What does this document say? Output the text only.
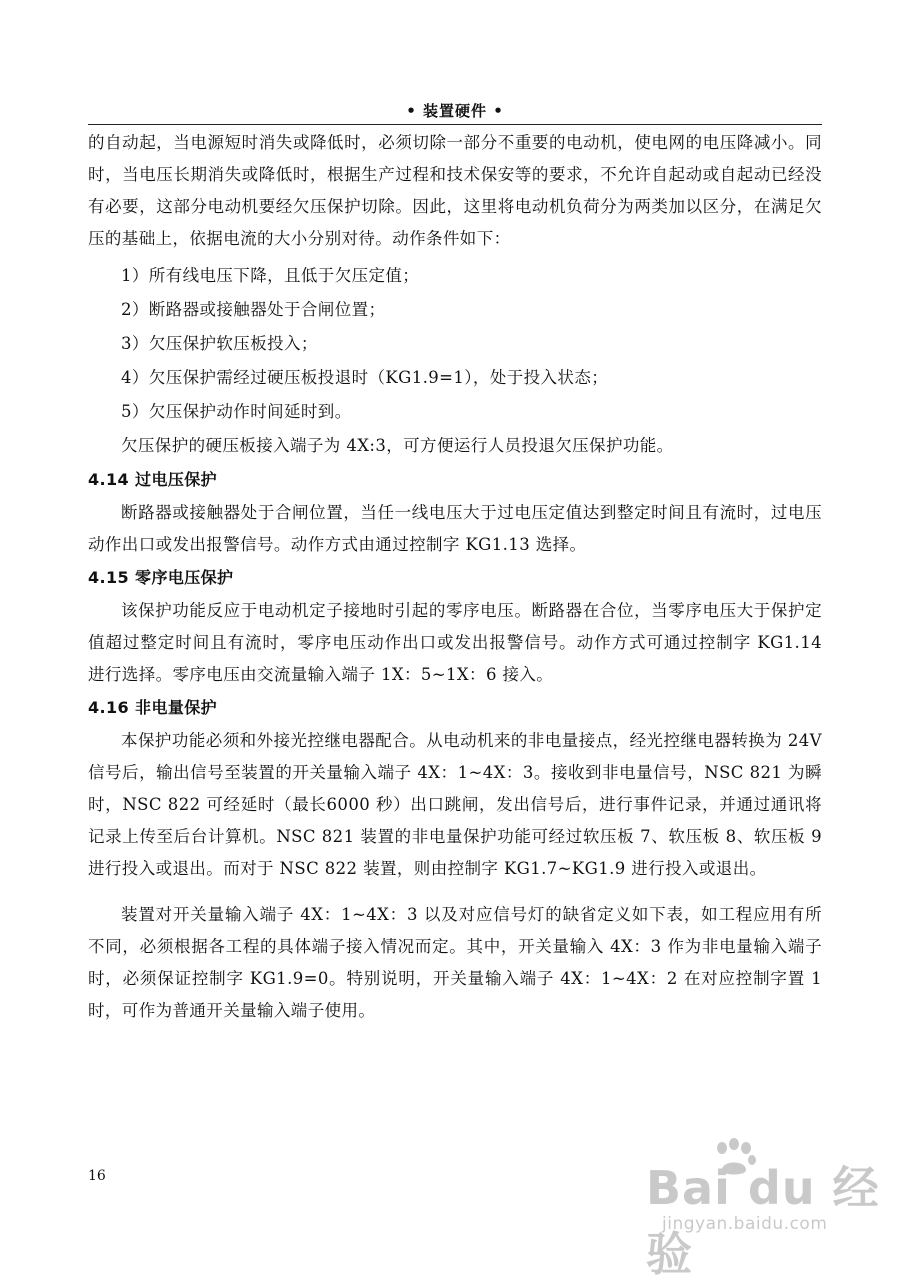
• 装置硬件 •

的自动起，当电源短时消失或降低时，必须切除一部分不重要的电动机，使电网的电压降减小。同时，当电压长期消失或降低时，根据生产过程和技术保安等的要求，不允许自起动或自起动已经没有必要，这部分电动机要经欠压保护切除。因此，这里将电动机负荷分为两类加以区分，在满足欠压的基础上，依据电流的大小分别对待。动作条件如下：

1）所有线电压下降，且低于欠压定值；

2）断路器或接触器处于合闸位置；

3）欠压保护软压板投入；

4）欠压保护需经过硬压板投退时（KG1.9=1），处于投入状态；

5）欠压保护动作时间延时到。

欠压保护的硬压板接入端子为 4X:3，可方便运行人员投退欠压保护功能。

4.14 过电压保护

断路器或接触器处于合闸位置，当任一线电压大于过电压定值达到整定时间且有流时，过电压动作出口或发出报警信号。动作方式由通过控制字 KG1.13 选择。

4.15 零序电压保护

该保护功能反应于电动机定子接地时引起的零序电压。断路器在合位，当零序电压大于保护定值超过整定时间且有流时，零序电压动作出口或发出报警信号。动作方式可通过控制字 KG1.14 进行选择。零序电压由交流量输入端子 1X：5~1X：6 接入。

4.16 非电量保护

本保护功能必须和外接光控继电器配合。从电动机来的非电量接点，经光控继电器转换为 24V 信号后，输出信号至装置的开关量输入端子 4X：1~4X：3。接收到非电量信号，NSC 821 为瞬时，NSC 822 可经延时（最长6000 秒）出口跳闸，发出信号后，进行事件记录，并通过通讯将记录上传至后台计算机。NSC 821 装置的非电量保护功能可经过软压板 7、软压板 8、软压板 9 进行投入或退出。而对于 NSC 822 装置，则由控制字 KG1.7~KG1.9 进行投入或退出。

装置对开关量输入端子 4X：1~4X：3 以及对应信号灯的缺省定义如下表，如工程应用有所不同，必须根据各工程的具体端子接入情况而定。其中，开关量输入 4X：3 作为非电量输入端子时，必须保证控制字 KG1.9=0。特别说明，开关量输入端子 4X：1~4X：2 在对应控制字置 1 时，可作为普通开关量输入端子使用。

16	Bai du 经验
jingyan.baidu.com
